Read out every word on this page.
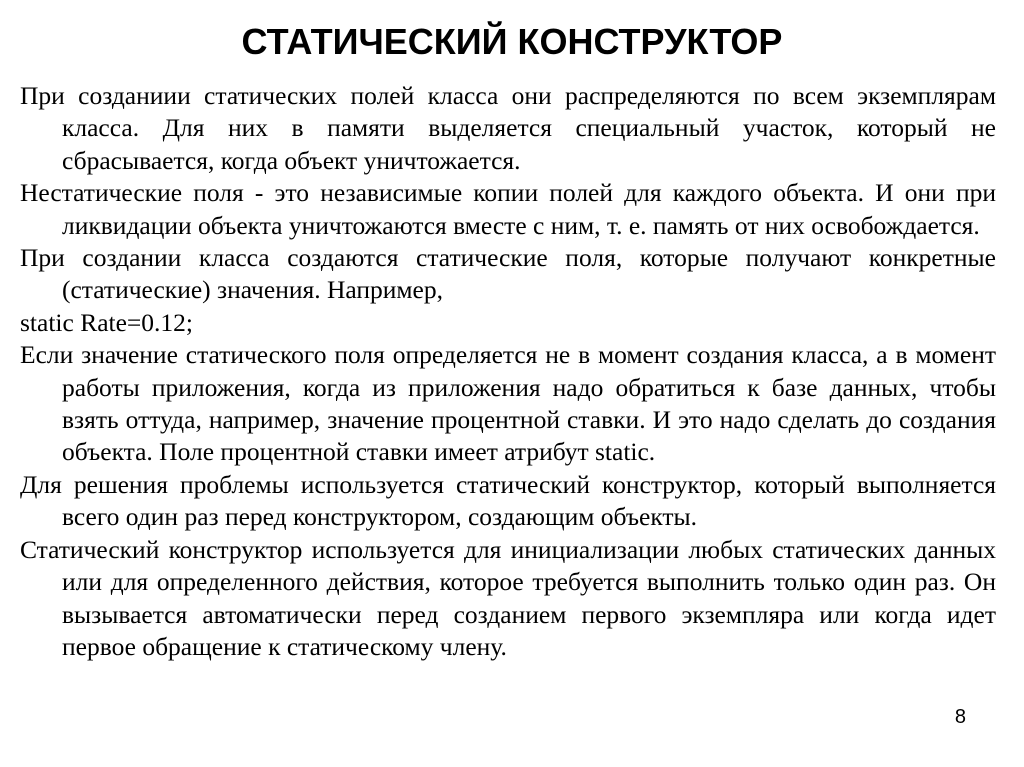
СТАТИЧЕСКИЙ КОНСТРУКТОР

При созданиии статических полей класса они распределяются по всем экземплярам класса. Для них в памяти выделяется специальный участок, который не сбрасывается, когда объект уничтожается.

Нестатические поля - это независимые копии полей для каждого объекта. И они при ликвидации объекта уничтожаются вместе с ним, т. е. память от них освобождается.

При создании класса создаются статические поля, которые получают конкретные (статические) значения. Например,

static Rate=0.12;

Если значение статического поля определяется не в момент создания класса, а в момент работы приложения, когда из приложения надо обратиться к базе данных, чтобы взять оттуда, например, значение процентной ставки. И это надо сделать до создания объекта. Поле процентной ставки имеет атрибут static.

Для решения проблемы используется статический конструктор, который выполняется всего один раз перед конструктором, создающим объекты.

Статический конструктор используется для инициализации любых статических данных или для определенного действия, которое требуется выполнить только один раз. Он вызывается автоматически перед созданием первого экземпляра или когда идет первое обращение к статическому члену.

8
